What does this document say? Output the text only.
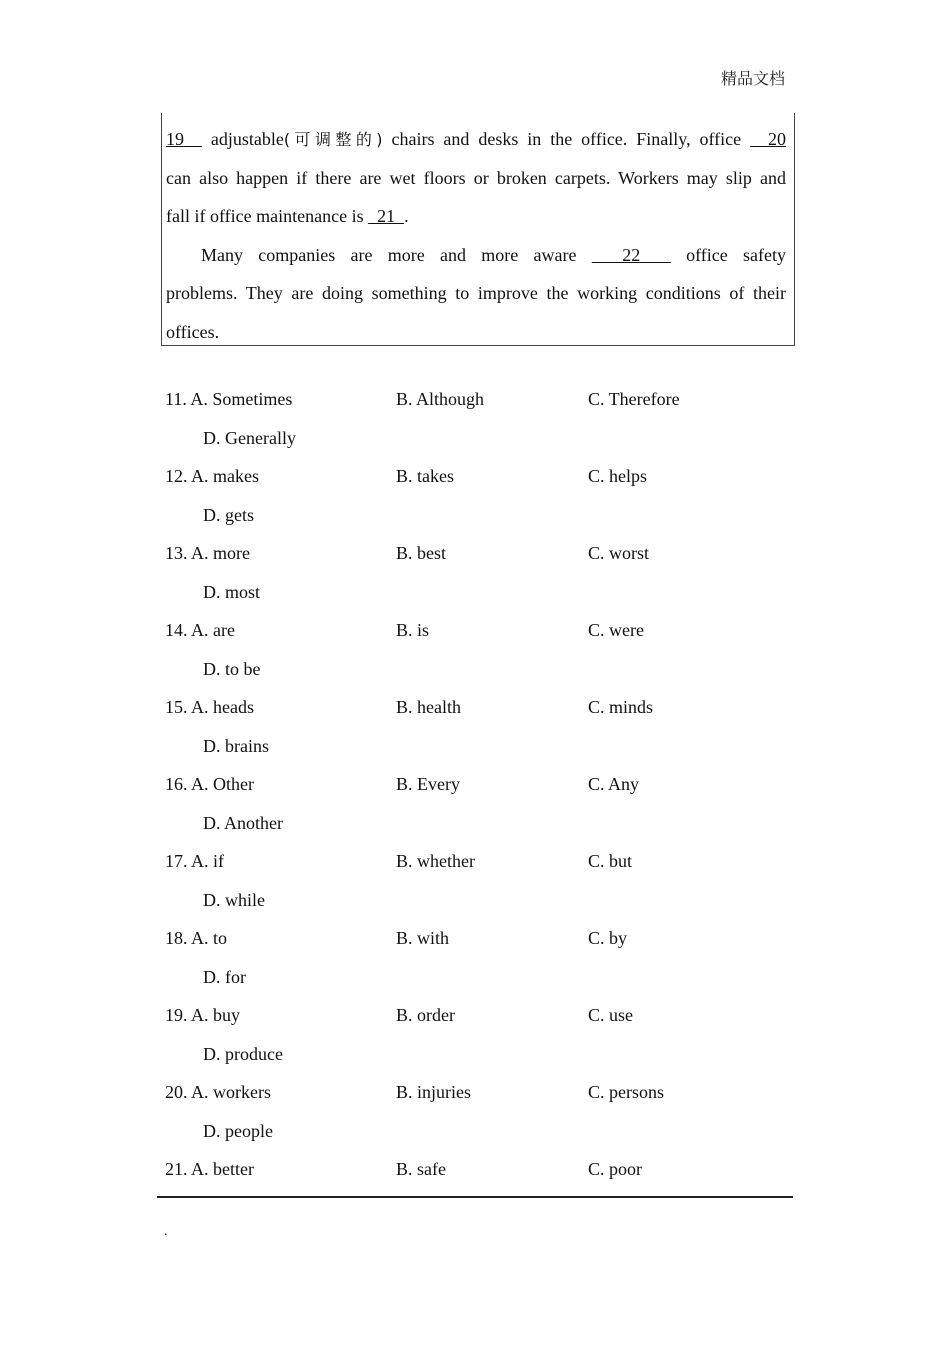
精品文档
19   adjustable(可调整的) chairs and desks in the office. Finally, office   20
can also happen if there are wet floors or broken carpets. Workers may slip and
fall if office maintenance is   21  .
Many companies are more and more aware   22   office safety
problems. They are doing something to improve the working conditions of their
offices.
11. A. Sometimes	B. Although	C. Therefore
D. Generally
12. A. makes	B. takes	C. helps
D. gets
13. A. more	B. best	C. worst
D. most
14. A. are	B. is	C. were
D. to be
15. A. heads	B. health	C. minds
D. brains
16. A. Other	B. Every	C. Any
D. Another
17. A. if	B. whether	C. but
D. while
18. A. to	B. with	C. by
D. for
19. A. buy	B. order	C. use
D. produce
20. A. workers	B. injuries	C. persons
D. people
21. A. better	B. safe	C. poor
.
